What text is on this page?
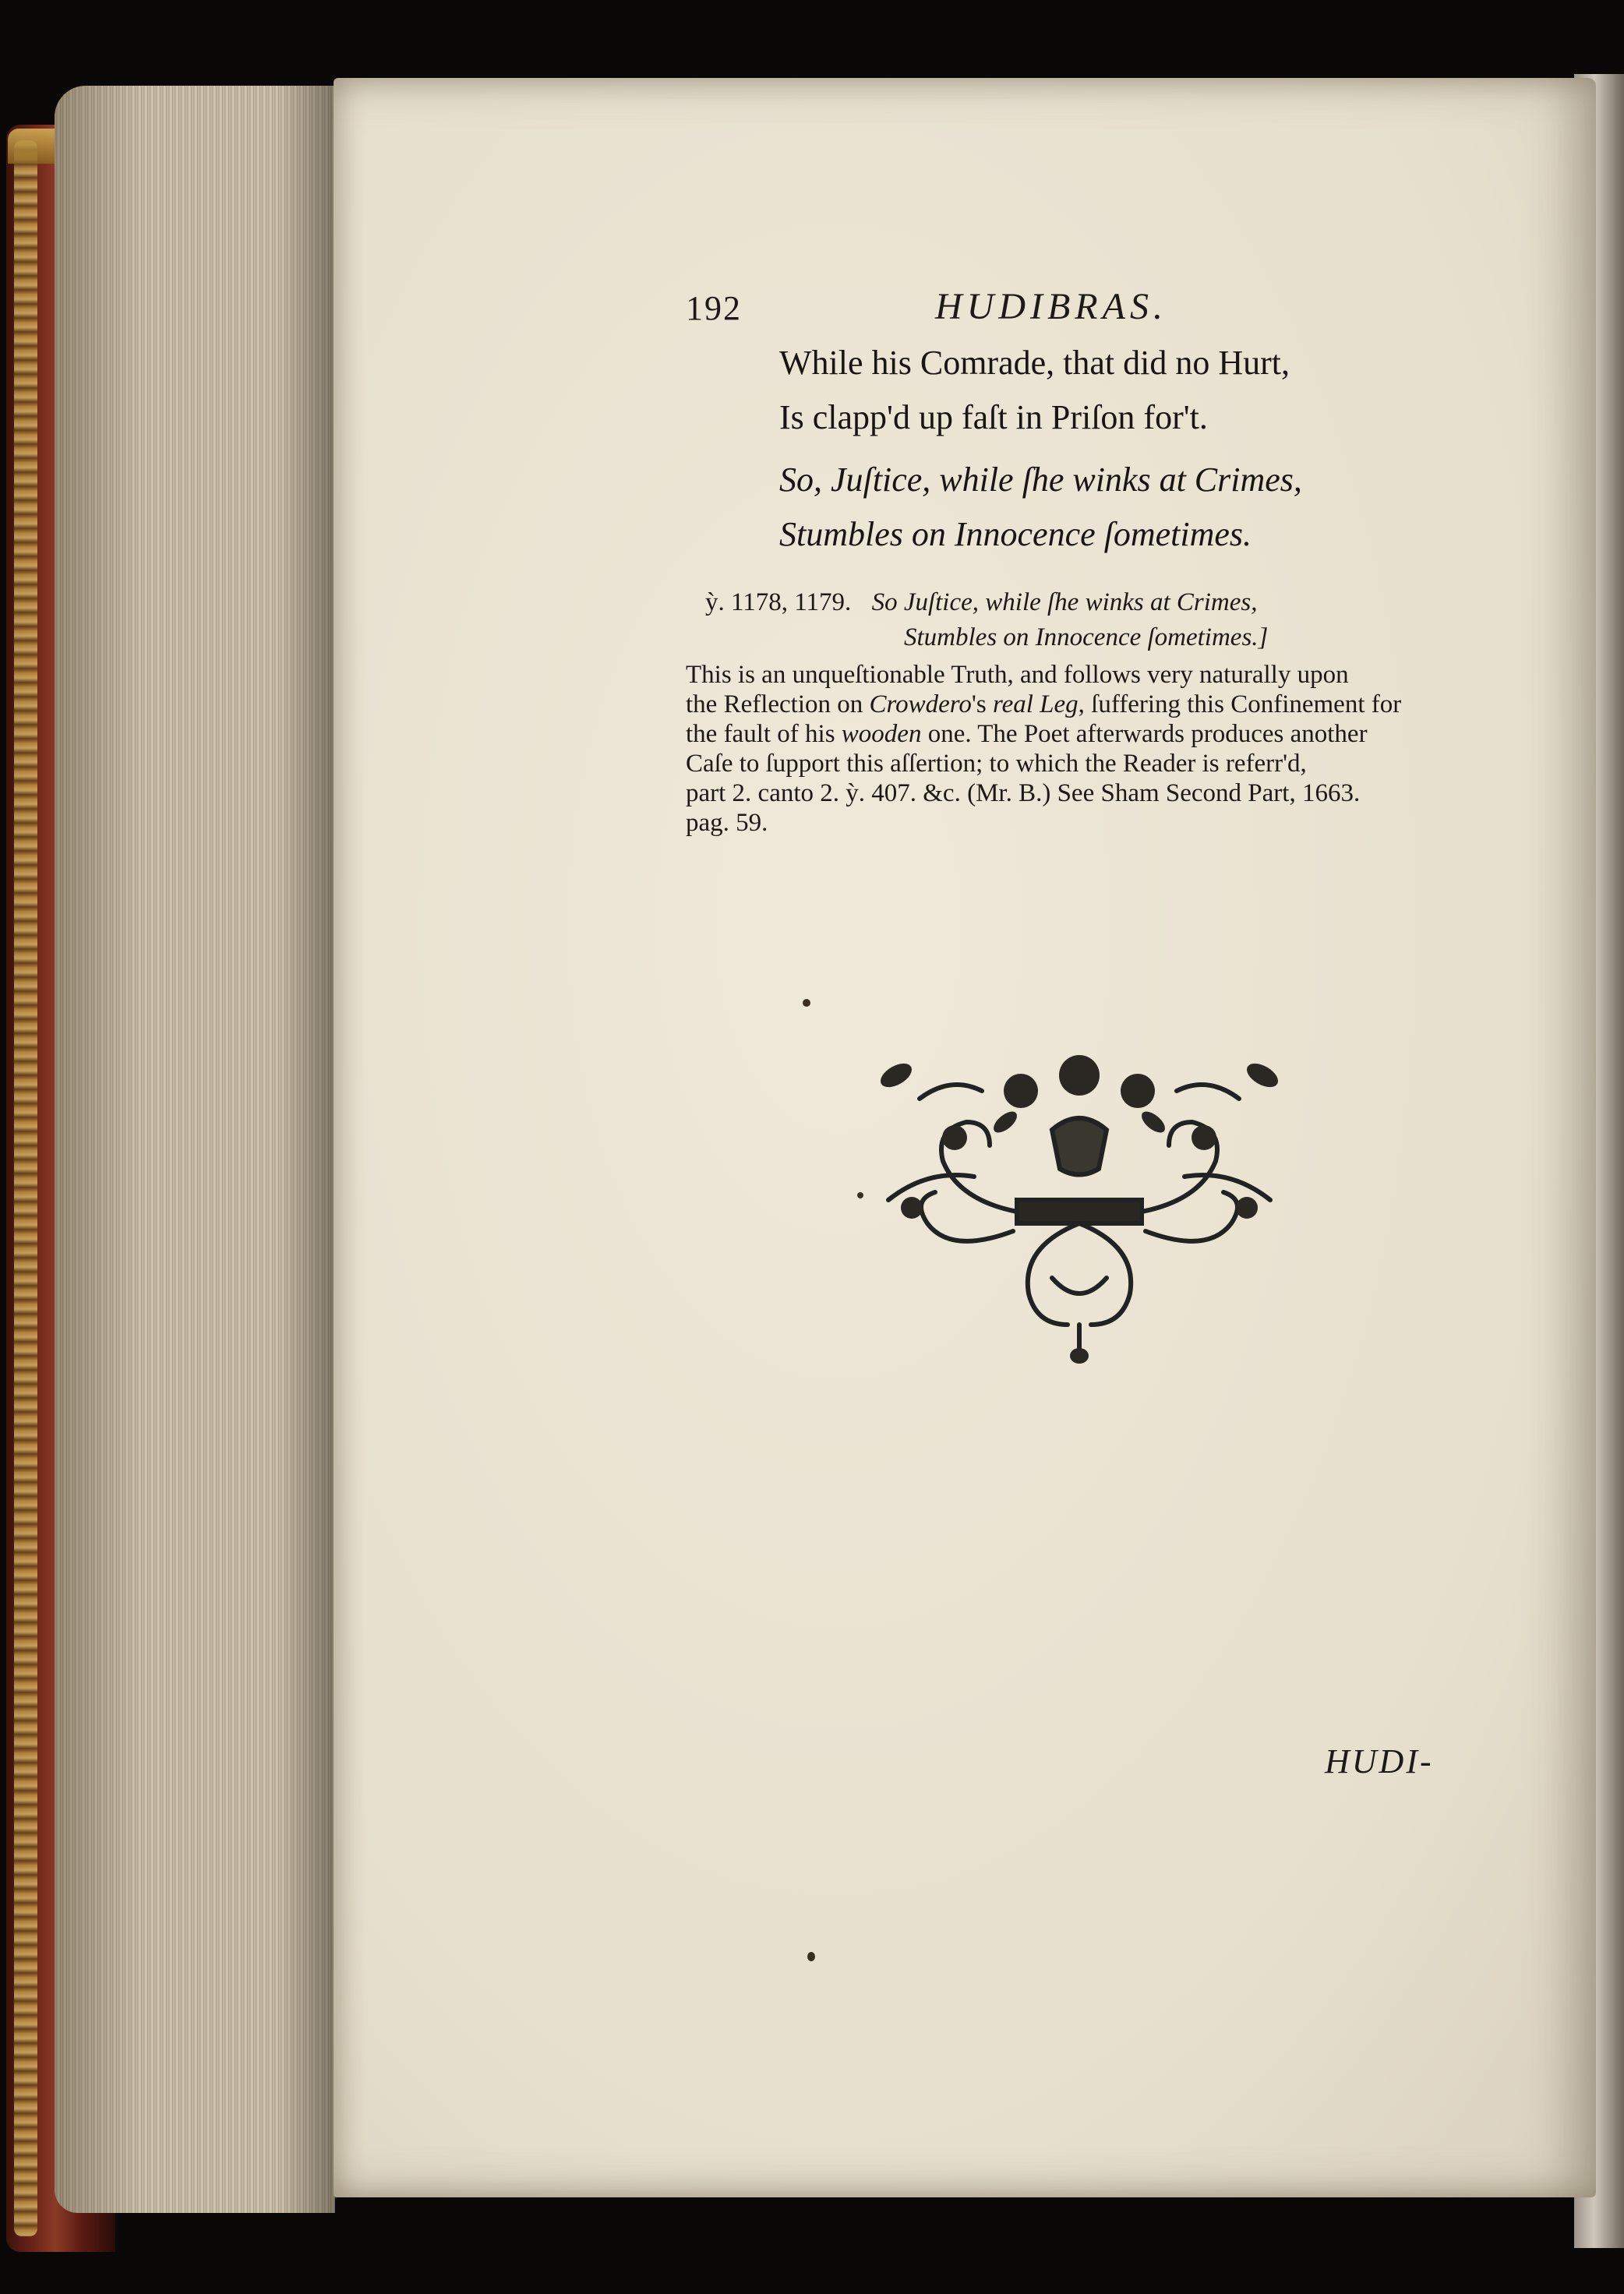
192	HUDIBRAS.
While his Comrade, that did no Hurt,
Is clapp'd up faſt in Priſon for't.
So, Juſtice, while ſhe winks at Crimes,
Stumbles on Innocence ſometimes.
ỳ. 1178, 1179. So Juſtice, while ſhe winks at Crimes,
Stumbles on Innocence ſometimes.]
This is an unqueſtionable Truth, and follows very naturally upon
the Reflection on Crowdero's real Leg, ſuffering this Confinement for
the fault of his wooden one. The Poet afterwards produces another
Caſe to ſupport this aſſertion; to which the Reader is referr'd,
part 2. canto 2. ỳ. 407. &c. (Mr. B.) See Sham Second Part, 1663.
pag. 59.
HUDI-
